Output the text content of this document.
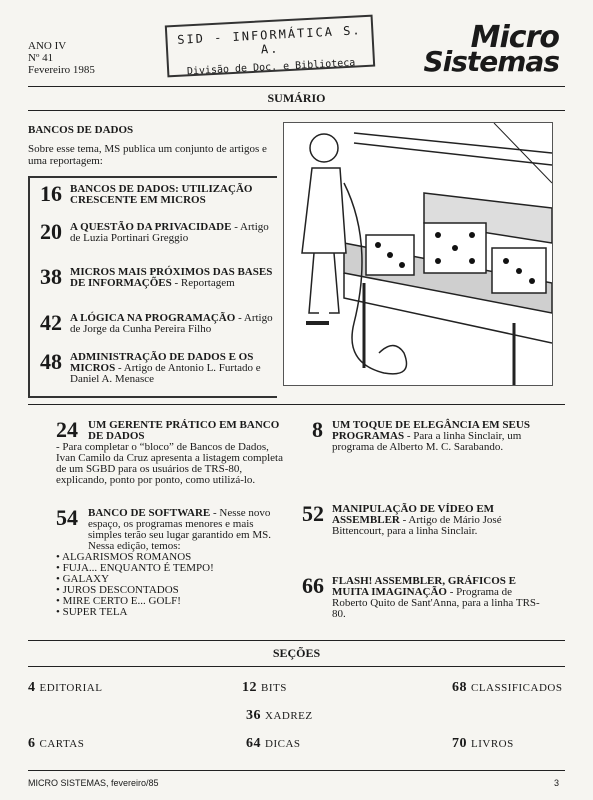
ANO IV
Nº 41
Fevereiro 1985
SID - INFORMÁTICA S. A.
Divisão de Doc. e Biblioteca
Micro
Sistemas
SUMÁRIO
BANCOS DE DADOS
Sobre esse tema, MS publica um conjunto de artigos e uma reportagem:
16 BANCOS DE DADOS: UTILIZAÇÃO CRESCENTE EM MICROS
20 A QUESTÃO DA PRIVACIDADE - Artigo de Luzia Portinari Greggio
38 MICROS MAIS PRÓXIMOS DAS BASES DE INFORMAÇÕES - Reportagem
42 A LÓGICA NA PROGRAMAÇÃO - Artigo de Jorge da Cunha Pereira Filho
48 ADMINISTRAÇÃO DE DADOS E OS MICROS - Artigo de Antonio L. Furtado e Daniel A. Menasce
24 UM GERENTE PRÁTICO EM BANCO DE DADOS
- Para completar o “bloco” de Bancos de Dados, Ivan Camilo da Cruz apresenta a listagem completa de um SGBD para os usuários de TRS-80, explicando, ponto por ponto, como utilizá-lo.
8 UM TOQUE DE ELEGÂNCIA EM SEUS PROGRAMAS - Para a linha Sinclair, um programa de Alberto M. C. Sarabando.
54 BANCO DE SOFTWARE - Nesse novo espaço, os programas menores e mais simples terão seu lugar garantido em MS. Nessa edição, temos:
• ALGARISMOS ROMANOS
• FUJA... ENQUANTO É TEMPO!
• GALAXY
• JUROS DESCONTADOS
• MIRE CERTO E... GOLF!
• SUPER TELA
52 MANIPULAÇÃO DE VÍDEO EM ASSEMBLER - Artigo de Mário José Bittencourt, para a linha Sinclair.
66 FLASH! ASSEMBLER, GRÁFICOS E MUITA IMAGINAÇÃO - Programa de Roberto Quito de Sant'Anna, para a linha TRS-80.
SEÇÕES
4 EDITORIAL	12 BITS	68 CLASSIFICADOS
36 XADREZ
6 CARTAS	64 DICAS	70 LIVROS
MICRO SISTEMAS, fevereiro/85	3
